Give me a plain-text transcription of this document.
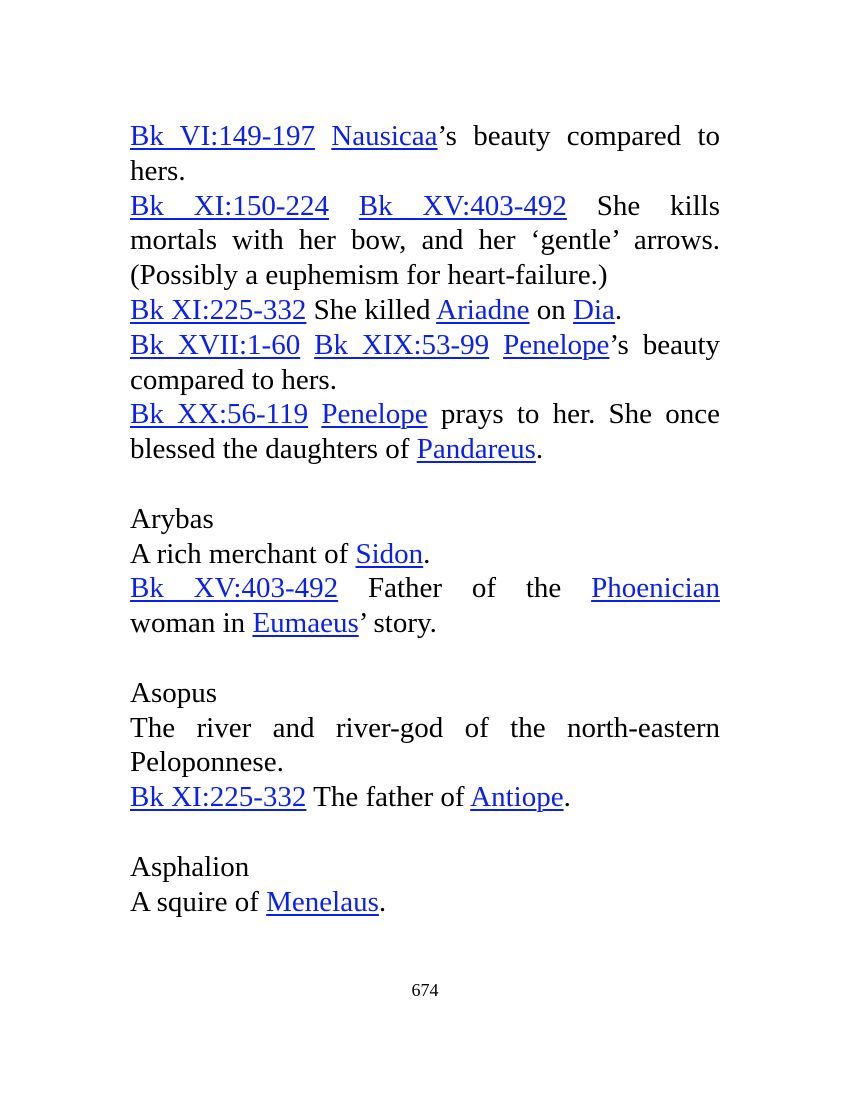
Bk VI:149-197 Nausicaa’s beauty compared to
hers.
Bk XI:150-224 Bk XV:403-492 She kills
mortals with her bow, and her ‘gentle’ arrows.
(Possibly a euphemism for heart-failure.)
Bk XI:225-332 She killed Ariadne on Dia.
Bk XVII:1-60 Bk XIX:53-99 Penelope’s beauty
compared to hers.
Bk XX:56-119 Penelope prays to her. She once
blessed the daughters of Pandareus.
Arybas
A rich merchant of Sidon.
Bk XV:403-492 Father of the Phoenician
woman in Eumaeus’ story.
Asopus
The river and river-god of the north-eastern
Peloponnese.
Bk XI:225-332 The father of Antiope.
Asphalion
A squire of Menelaus.
674
